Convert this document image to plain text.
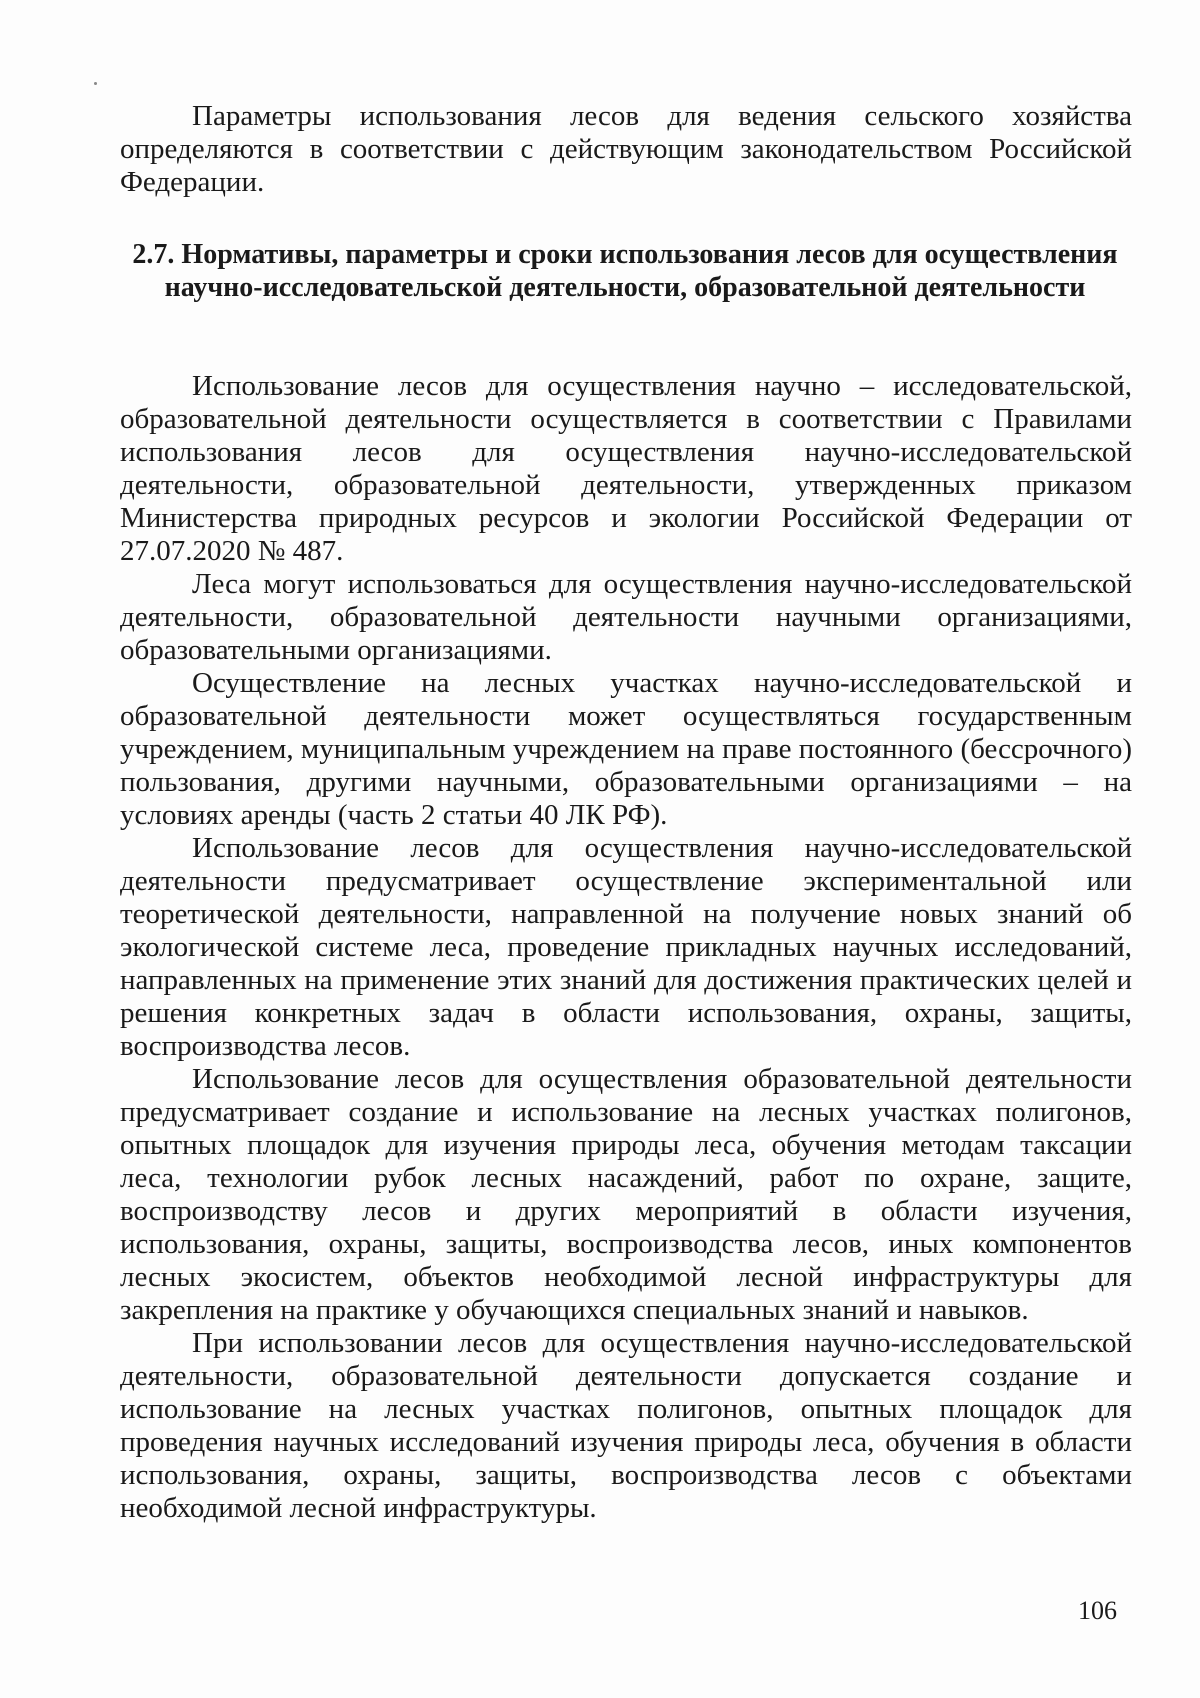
Параметры использования лесов для ведения сельского хозяйства определяются в соответствии с действующим законодательством Российской Федерации.

2.7. Нормативы, параметры и сроки использования лесов для осуществления научно-исследовательской деятельности, образовательной деятельности

Использование лесов для осуществления научно – исследовательской, образовательной деятельности осуществляется в соответствии с Правилами использования лесов для осуществления научно-исследовательской деятельности, образовательной деятельности, утвержденных приказом Министерства природных ресурсов и экологии Российской Федерации от 27.07.2020 № 487.

Леса могут использоваться для осуществления научно-исследовательской деятельности, образовательной деятельности научными организациями, образовательными организациями.

Осуществление на лесных участках научно-исследовательской и образовательной деятельности может осуществляться государственным учреждением, муниципальным учреждением на праве постоянного (бессрочного) пользования, другими научными, образовательными организациями – на условиях аренды (часть 2 статьи 40 ЛК РФ).

Использование лесов для осуществления научно-исследовательской деятельности предусматривает осуществление экспериментальной или теоретической деятельности, направленной на получение новых знаний об экологической системе леса, проведение прикладных научных исследований, направленных на применение этих знаний для достижения практических целей и решения конкретных задач в области использования, охраны, защиты, воспроизводства лесов.

Использование лесов для осуществления образовательной деятельности предусматривает создание и использование на лесных участках полигонов, опытных площадок для изучения природы леса, обучения методам таксации леса, технологии рубок лесных насаждений, работ по охране, защите, воспроизводству лесов и других мероприятий в области изучения, использования, охраны, защиты, воспроизводства лесов, иных компонентов лесных экосистем, объектов необходимой лесной инфраструктуры для закрепления на практике у обучающихся специальных знаний и навыков.

При использовании лесов для осуществления научно-исследовательской деятельности, образовательной деятельности допускается создание и использование на лесных участках полигонов, опытных площадок для проведения научных исследований изучения природы леса, обучения в области использования, охраны, защиты, воспроизводства лесов с объектами необходимой лесной инфраструктуры.

106
